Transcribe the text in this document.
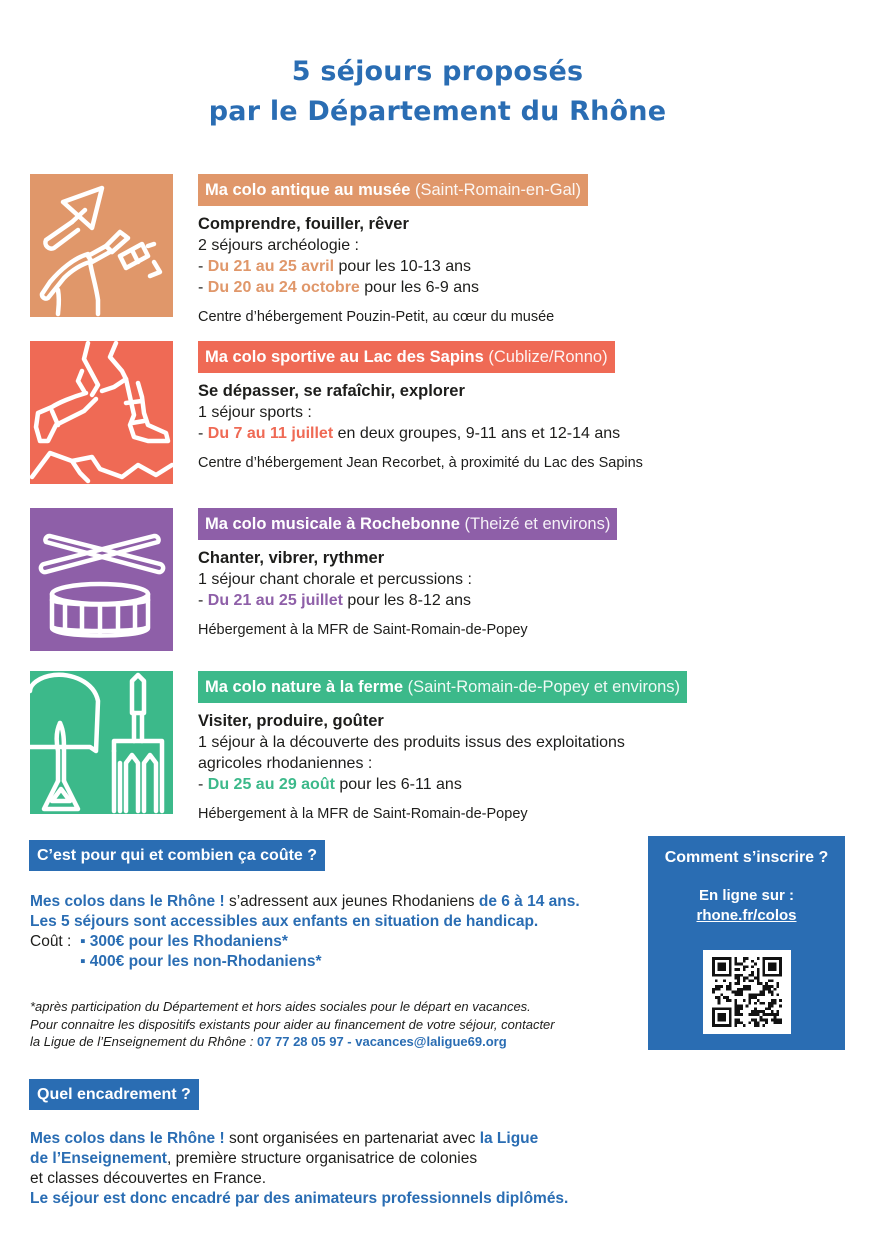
5 séjours proposés
par le Département du Rhône
Ma colo antique au musée (Saint-Romain-en-Gal)
Comprendre, fouiller, rêver
2 séjours archéologie :
- Du 21 au 25 avril pour les 10-13 ans
- Du 20 au 24 octobre pour les 6-9 ans
Centre d’hébergement Pouzin-Petit, au cœur du musée
Ma colo sportive au Lac des Sapins (Cublize/Ronno)
Se dépasser, se rafaîchir, explorer
1 séjour sports :
- Du 7 au 11 juillet en deux groupes, 9-11 ans et 12-14 ans
Centre d’hébergement Jean Recorbet, à proximité du Lac des Sapins
Ma colo musicale à Rochebonne (Theizé et environs)
Chanter, vibrer, rythmer
1 séjour chant chorale et percussions :
- Du 21 au 25 juillet pour les 8-12 ans
Hébergement à la MFR de Saint-Romain-de-Popey
Ma colo nature à la ferme (Saint-Romain-de-Popey et environs)
Visiter, produire, goûter
1 séjour à la découverte des produits issus des exploitations
agricoles rhodaniennes :
- Du 25 au 29 août pour les 6-11 ans
Hébergement à la MFR de Saint-Romain-de-Popey
C’est pour qui et combien ça coûte ?
Mes colos dans le Rhône ! s’adressent aux jeunes Rhodaniens de 6 à 14 ans.
Les 5 séjours sont accessibles aux enfants en situation de handicap.
Coût : ▪ 300€ pour les Rhodaniens*
▪ 400€ pour les non-Rhodaniens*
*après participation du Département et hors aides sociales pour le départ en vacances.
Pour connaitre les dispositifs existants pour aider au financement de votre séjour, contacter
la Ligue de l’Enseignement du Rhône : 07 77 28 05 97 - vacances@laligue69.org
Comment s’inscrire ?
En ligne sur :
rhone.fr/colos
Quel encadrement ?
Mes colos dans le Rhône ! sont organisées en partenariat avec la Ligue
de l’Enseignement, première structure organisatrice de colonies
et classes découvertes en France.
Le séjour est donc encadré par des animateurs professionnels diplômés.
